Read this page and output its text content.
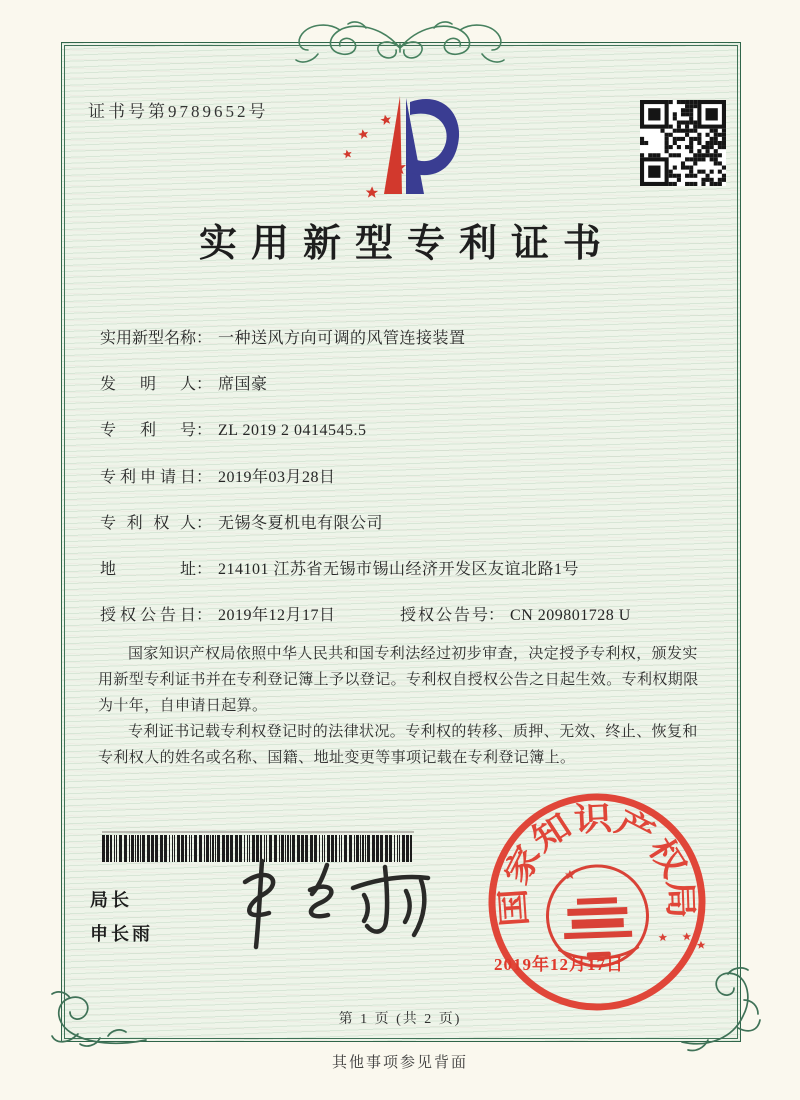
证书号第9789652号
实用新型专利证书
实用新型名称： 一种送风方向可调的风管连接装置
发　明　人： 席国豪
专　利　号： ZL 2019 2 0414545.5
专利申请日： 2019年03月28日
专 利 权 人： 无锡冬夏机电有限公司
地　　　址： 214101 江苏省无锡市锡山经济开发区友谊北路1号
授权公告日： 2019年12月17日	授权公告号： CN 209801728 U

国家知识产权局依照中华人民共和国专利法经过初步审查，决定授予专利权，颁发实用新型专利证书并在专利登记簿上予以登记。专利权自授权公告之日起生效。专利权期限为十年，自申请日起算。

专利证书记载专利权登记时的法律状况。专利权的转移、质押、无效、终止、恢复和专利权人的姓名或名称、国籍、地址变更等事项记载在专利登记簿上。

局长
申长雨
国家知识产权局
2019年12月17日
第 1 页 (共 2 页)
其他事项参见背面
